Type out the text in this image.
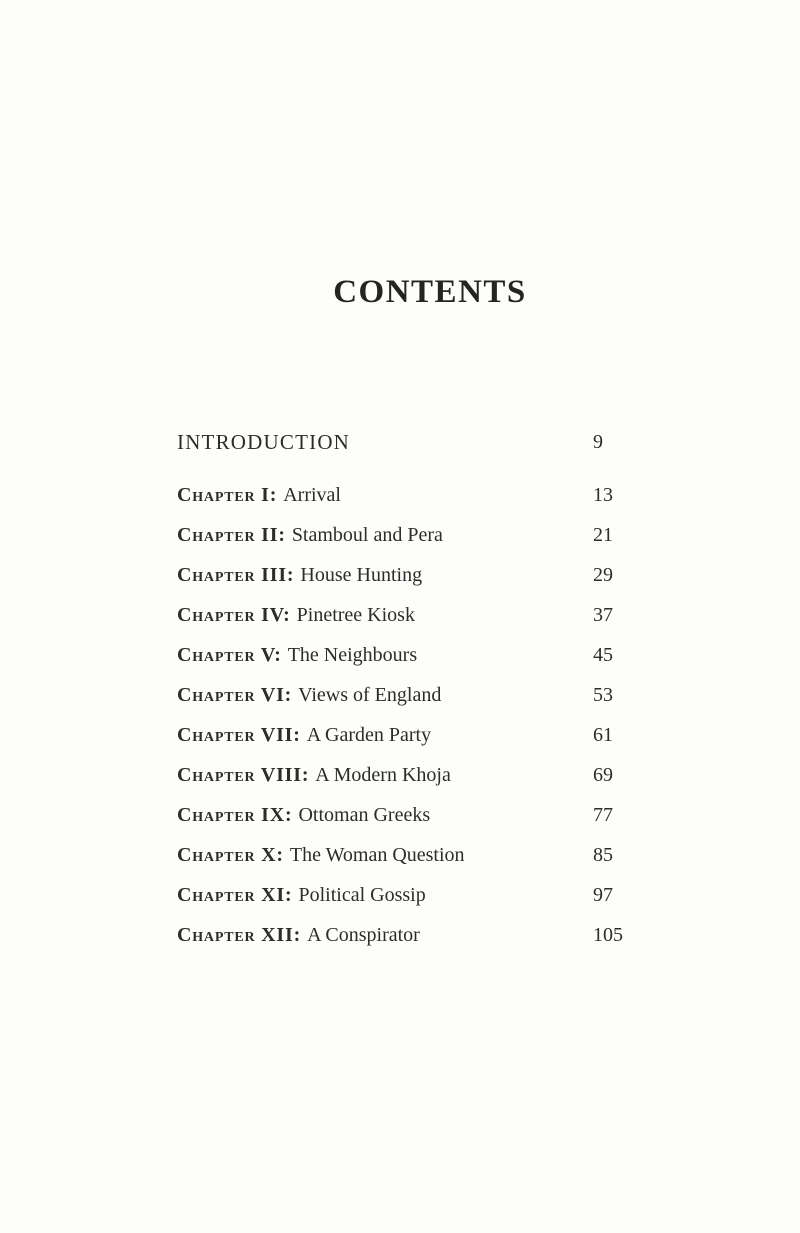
CONTENTS
INTRODUCTION	9
Chapter I: Arrival	13
Chapter II: Stamboul and Pera	21
Chapter III: House Hunting	29
Chapter IV: Pinetree Kiosk	37
Chapter V: The Neighbours	45
Chapter VI: Views of England	53
Chapter VII: A Garden Party	61
Chapter VIII: A Modern Khoja	69
Chapter IX: Ottoman Greeks	77
Chapter X: The Woman Question	85
Chapter XI: Political Gossip	97
Chapter XII: A Conspirator	105
